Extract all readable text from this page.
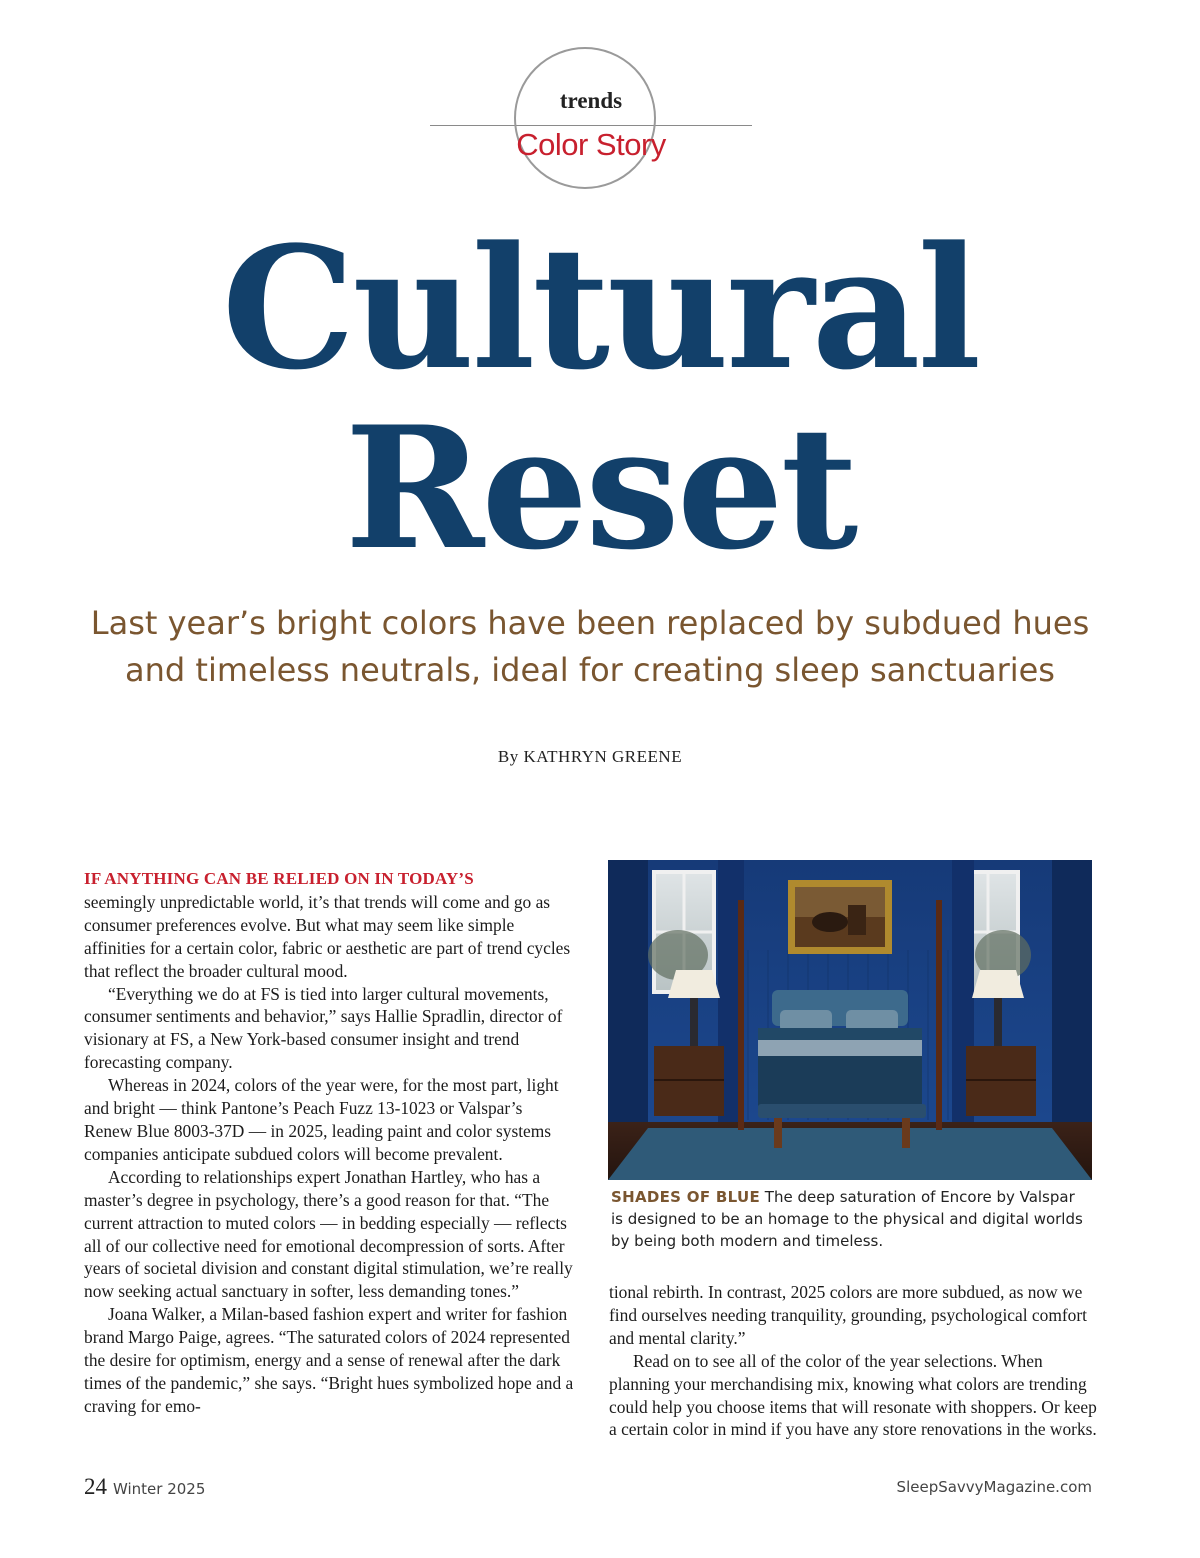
trends
Color Story
Cultural
Reset
Last year’s bright colors have been replaced by subdued hues and timeless neutrals, ideal for creating sleep sanctuaries
By KATHRYN GREENE

IF ANYTHING CAN BE RELIED ON IN TODAY’S
seemingly unpredictable world, it’s that trends will come and go as consumer preferences evolve. But what may seem like simple affinities for a certain color, fabric or aesthetic are part of trend cycles that reflect the broader cultural mood.

“Everything we do at FS is tied into larger cultural movements, consumer sentiments and behavior,” says Hallie Spradlin, director of visionary at FS, a New York-based consumer insight and trend forecasting company.

Whereas in 2024, colors of the year were, for the most part, light and bright — think Pantone’s Peach Fuzz 13-1023 or Valspar’s Renew Blue 8003-37D — in 2025, leading paint and color systems companies anticipate subdued colors will become prevalent.

According to relationships expert Jonathan Hartley, who has a master’s degree in psychology, there’s a good reason for that. “The current attraction to muted colors — in bedding especially — reflects all of our collective need for emotional decompression of sorts. After years of societal division and constant digital stimulation, we’re really now seeking actual sanctuary in softer, less demanding tones.”

Joana Walker, a Milan-based fashion expert and writer for fashion brand Margo Paige, agrees. “The saturated colors of 2024 represented the desire for optimism, energy and a sense of renewal after the dark times of the pandemic,” she says. “Bright hues symbolized hope and a craving for emo-

SHADES OF BLUE The deep saturation of Encore by Valspar is designed to be an homage to the physical and digital worlds by being both modern and timeless.

tional rebirth. In contrast, 2025 colors are more subdued, as now we find ourselves needing tranquility, grounding, psychological comfort and mental clarity.”

Read on to see all of the color of the year selections. When planning your merchandising mix, knowing what colors are trending could help you choose items that will resonate with shoppers. Or keep a certain color in mind if you have any store renovations in the works.

24 Winter 2025	SleepSavvyMagazine.com
